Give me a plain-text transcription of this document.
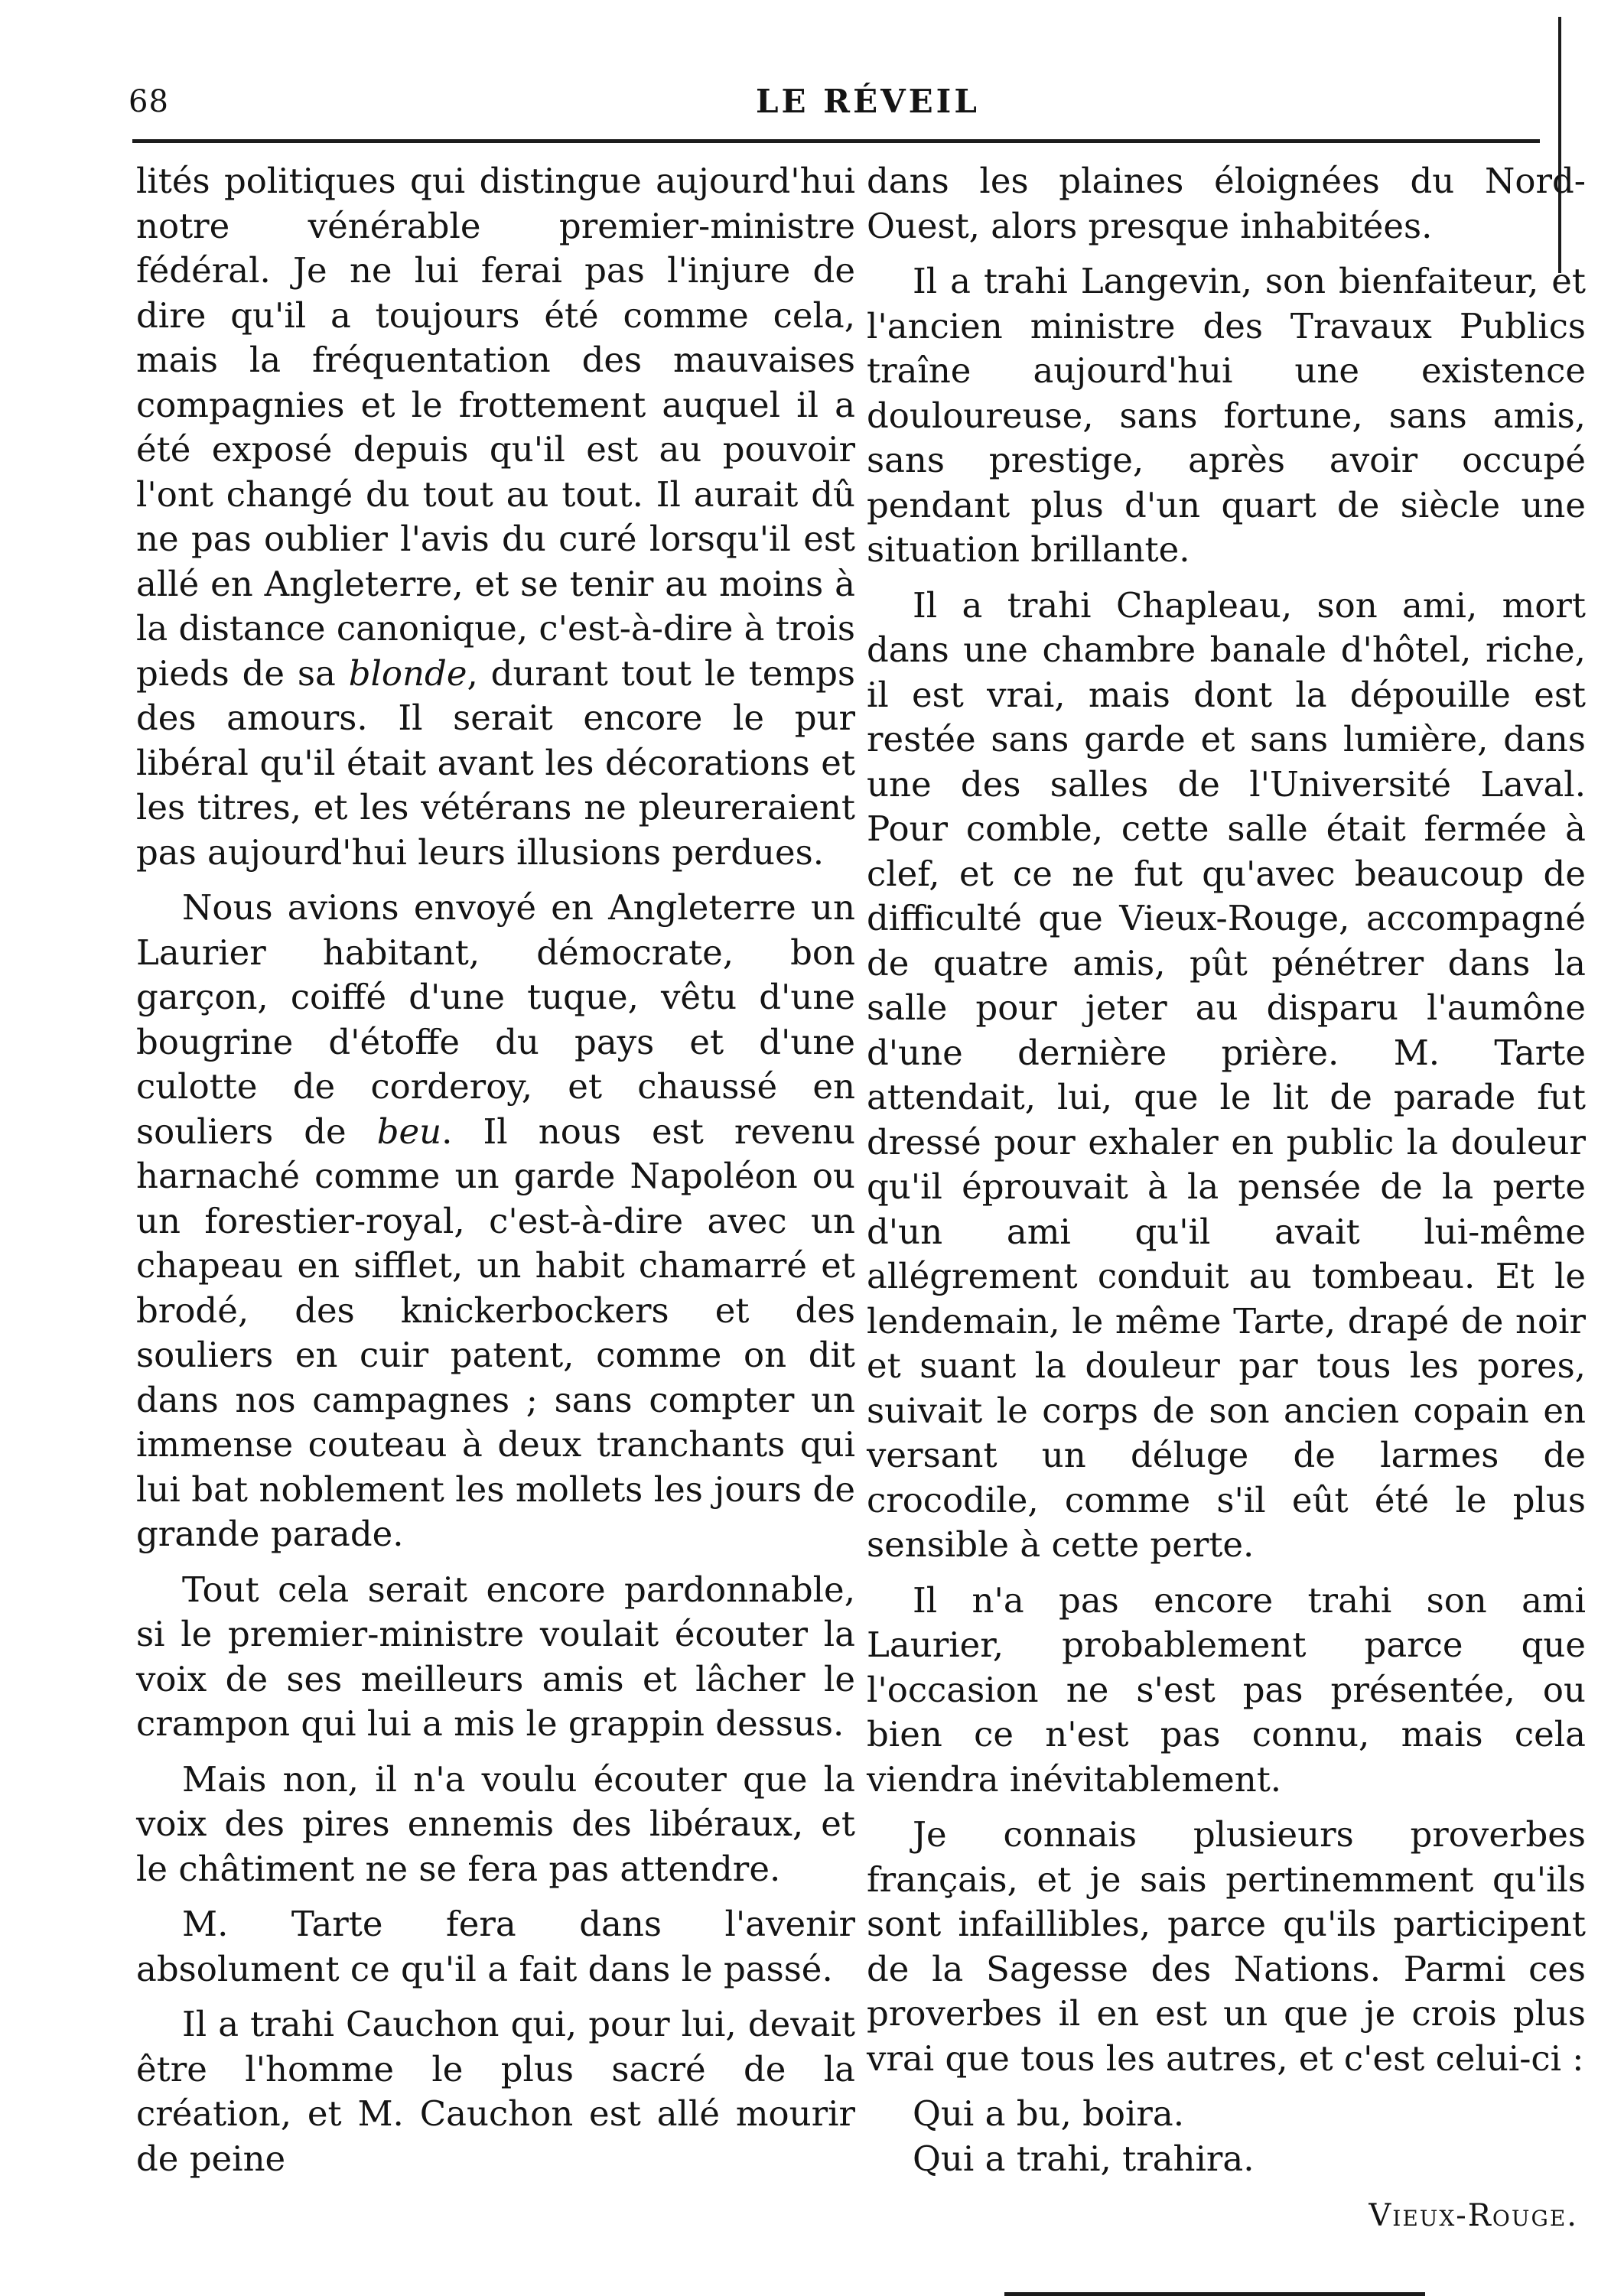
68	LE RÉVEIL

lités politiques qui distingue aujourd'hui notre vénérable premier-ministre fédéral. Je ne lui ferai pas l'injure de dire qu'il a toujours été comme cela, mais la fréquentation des mauvaises compagnies et le frottement auquel il a été exposé depuis qu'il est au pouvoir l'ont changé du tout au tout. Il aurait dû ne pas oublier l'avis du curé lorsqu'il est allé en Angleterre, et se tenir au moins à la distance canonique, c'est-à-dire à trois pieds de sa blonde, durant tout le temps des amours. Il serait encore le pur libéral qu'il était avant les décorations et les titres, et les vétérans ne pleureraient pas aujourd'hui leurs illusions perdues.

Nous avions envoyé en Angleterre un Laurier habitant, démocrate, bon garçon, coiffé d'une tuque, vêtu d'une bougrine d'étoffe du pays et d'une culotte de corderoy, et chaussé en souliers de beu. Il nous est revenu harnaché comme un garde Napoléon ou un forestier-royal, c'est-à-dire avec un chapeau en sifflet, un habit chamarré et brodé, des knickerbockers et des souliers en cuir patent, comme on dit dans nos campagnes ; sans compter un immense couteau à deux tranchants qui lui bat noblement les mollets les jours de grande parade.

Tout cela serait encore pardonnable, si le premier-ministre voulait écouter la voix de ses meilleurs amis et lâcher le crampon qui lui a mis le grappin dessus.

Mais non, il n'a voulu écouter que la voix des pires ennemis des libéraux, et le châtiment ne se fera pas attendre.

M. Tarte fera dans l'avenir absolument ce qu'il a fait dans le passé.

Il a trahi Cauchon qui, pour lui, devait être l'homme le plus sacré de la création, et M. Cauchon est allé mourir de peine

dans les plaines éloignées du Nord-Ouest, alors presque inhabitées.

Il a trahi Langevin, son bienfaiteur, et l'ancien ministre des Travaux Publics traîne aujourd'hui une existence douloureuse, sans fortune, sans amis, sans prestige, après avoir occupé pendant plus d'un quart de siècle une situation brillante.

Il a trahi Chapleau, son ami, mort dans une chambre banale d'hôtel, riche, il est vrai, mais dont la dépouille est restée sans garde et sans lumière, dans une des salles de l'Université Laval. Pour comble, cette salle était fermée à clef, et ce ne fut qu'avec beaucoup de difficulté que Vieux-Rouge, accompagné de quatre amis, pût pénétrer dans la salle pour jeter au disparu l'aumône d'une dernière prière. M. Tarte attendait, lui, que le lit de parade fut dressé pour exhaler en public la douleur qu'il éprouvait à la pensée de la perte d'un ami qu'il avait lui-même allégrement conduit au tombeau. Et le lendemain, le même Tarte, drapé de noir et suant la douleur par tous les pores, suivait le corps de son ancien copain en versant un déluge de larmes de crocodile, comme s'il eût été le plus sensible à cette perte.

Il n'a pas encore trahi son ami Laurier, probablement parce que l'occasion ne s'est pas présentée, ou bien ce n'est pas connu, mais cela viendra inévitablement.

Je connais plusieurs proverbes français, et je sais pertinemment qu'ils sont infaillibles, parce qu'ils participent de la Sagesse des Nations. Parmi ces proverbes il en est un que je crois plus vrai que tous les autres, et c'est celui-ci :

Qui a bu, boira.

Qui a trahi, trahira.

Vieux-Rouge.
